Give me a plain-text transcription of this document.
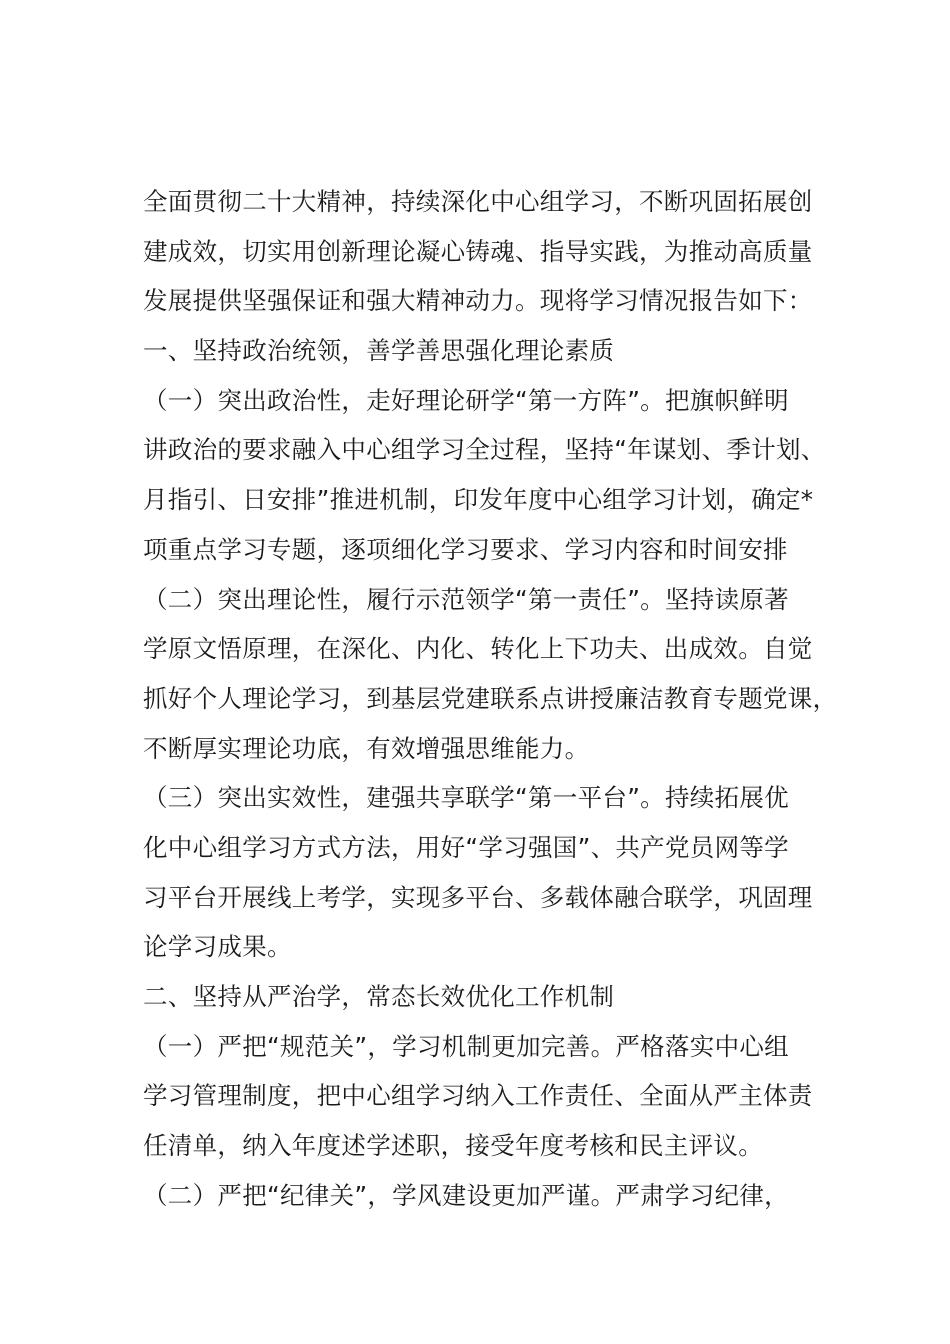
全面贯彻二十大精神，持续深化中心组学习，不断巩固拓展创
建成效，切实用创新理论凝心铸魂、指导实践，为推动高质量
发展提供坚强保证和强大精神动力。现将学习情况报告如下：
一、坚持政治统领，善学善思强化理论素质
（一）突出政治性，走好理论研学“第一方阵”。把旗帜鲜明
讲政治的要求融入中心组学习全过程，坚持“年谋划、季计划、
月指引、日安排”推进机制，印发年度中心组学习计划，确定*
项重点学习专题，逐项细化学习要求、学习内容和时间安排
（二）突出理论性，履行示范领学“第一责任”。坚持读原著
学原文悟原理，在深化、内化、转化上下功夫、出成效。自觉
抓好个人理论学习，到基层党建联系点讲授廉洁教育专题党课，
不断厚实理论功底，有效增强思维能力。
（三）突出实效性，建强共享联学“第一平台”。持续拓展优
化中心组学习方式方法，用好“学习强国”、共产党员网等学
习平台开展线上考学，实现多平台、多载体融合联学，巩固理
论学习成果。
二、坚持从严治学，常态长效优化工作机制
（一）严把“规范关”，学习机制更加完善。严格落实中心组
学习管理制度，把中心组学习纳入工作责任、全面从严主体责
任清单，纳入年度述学述职，接受年度考核和民主评议。
（二）严把“纪律关”，学风建设更加严谨。严肃学习纪律，
